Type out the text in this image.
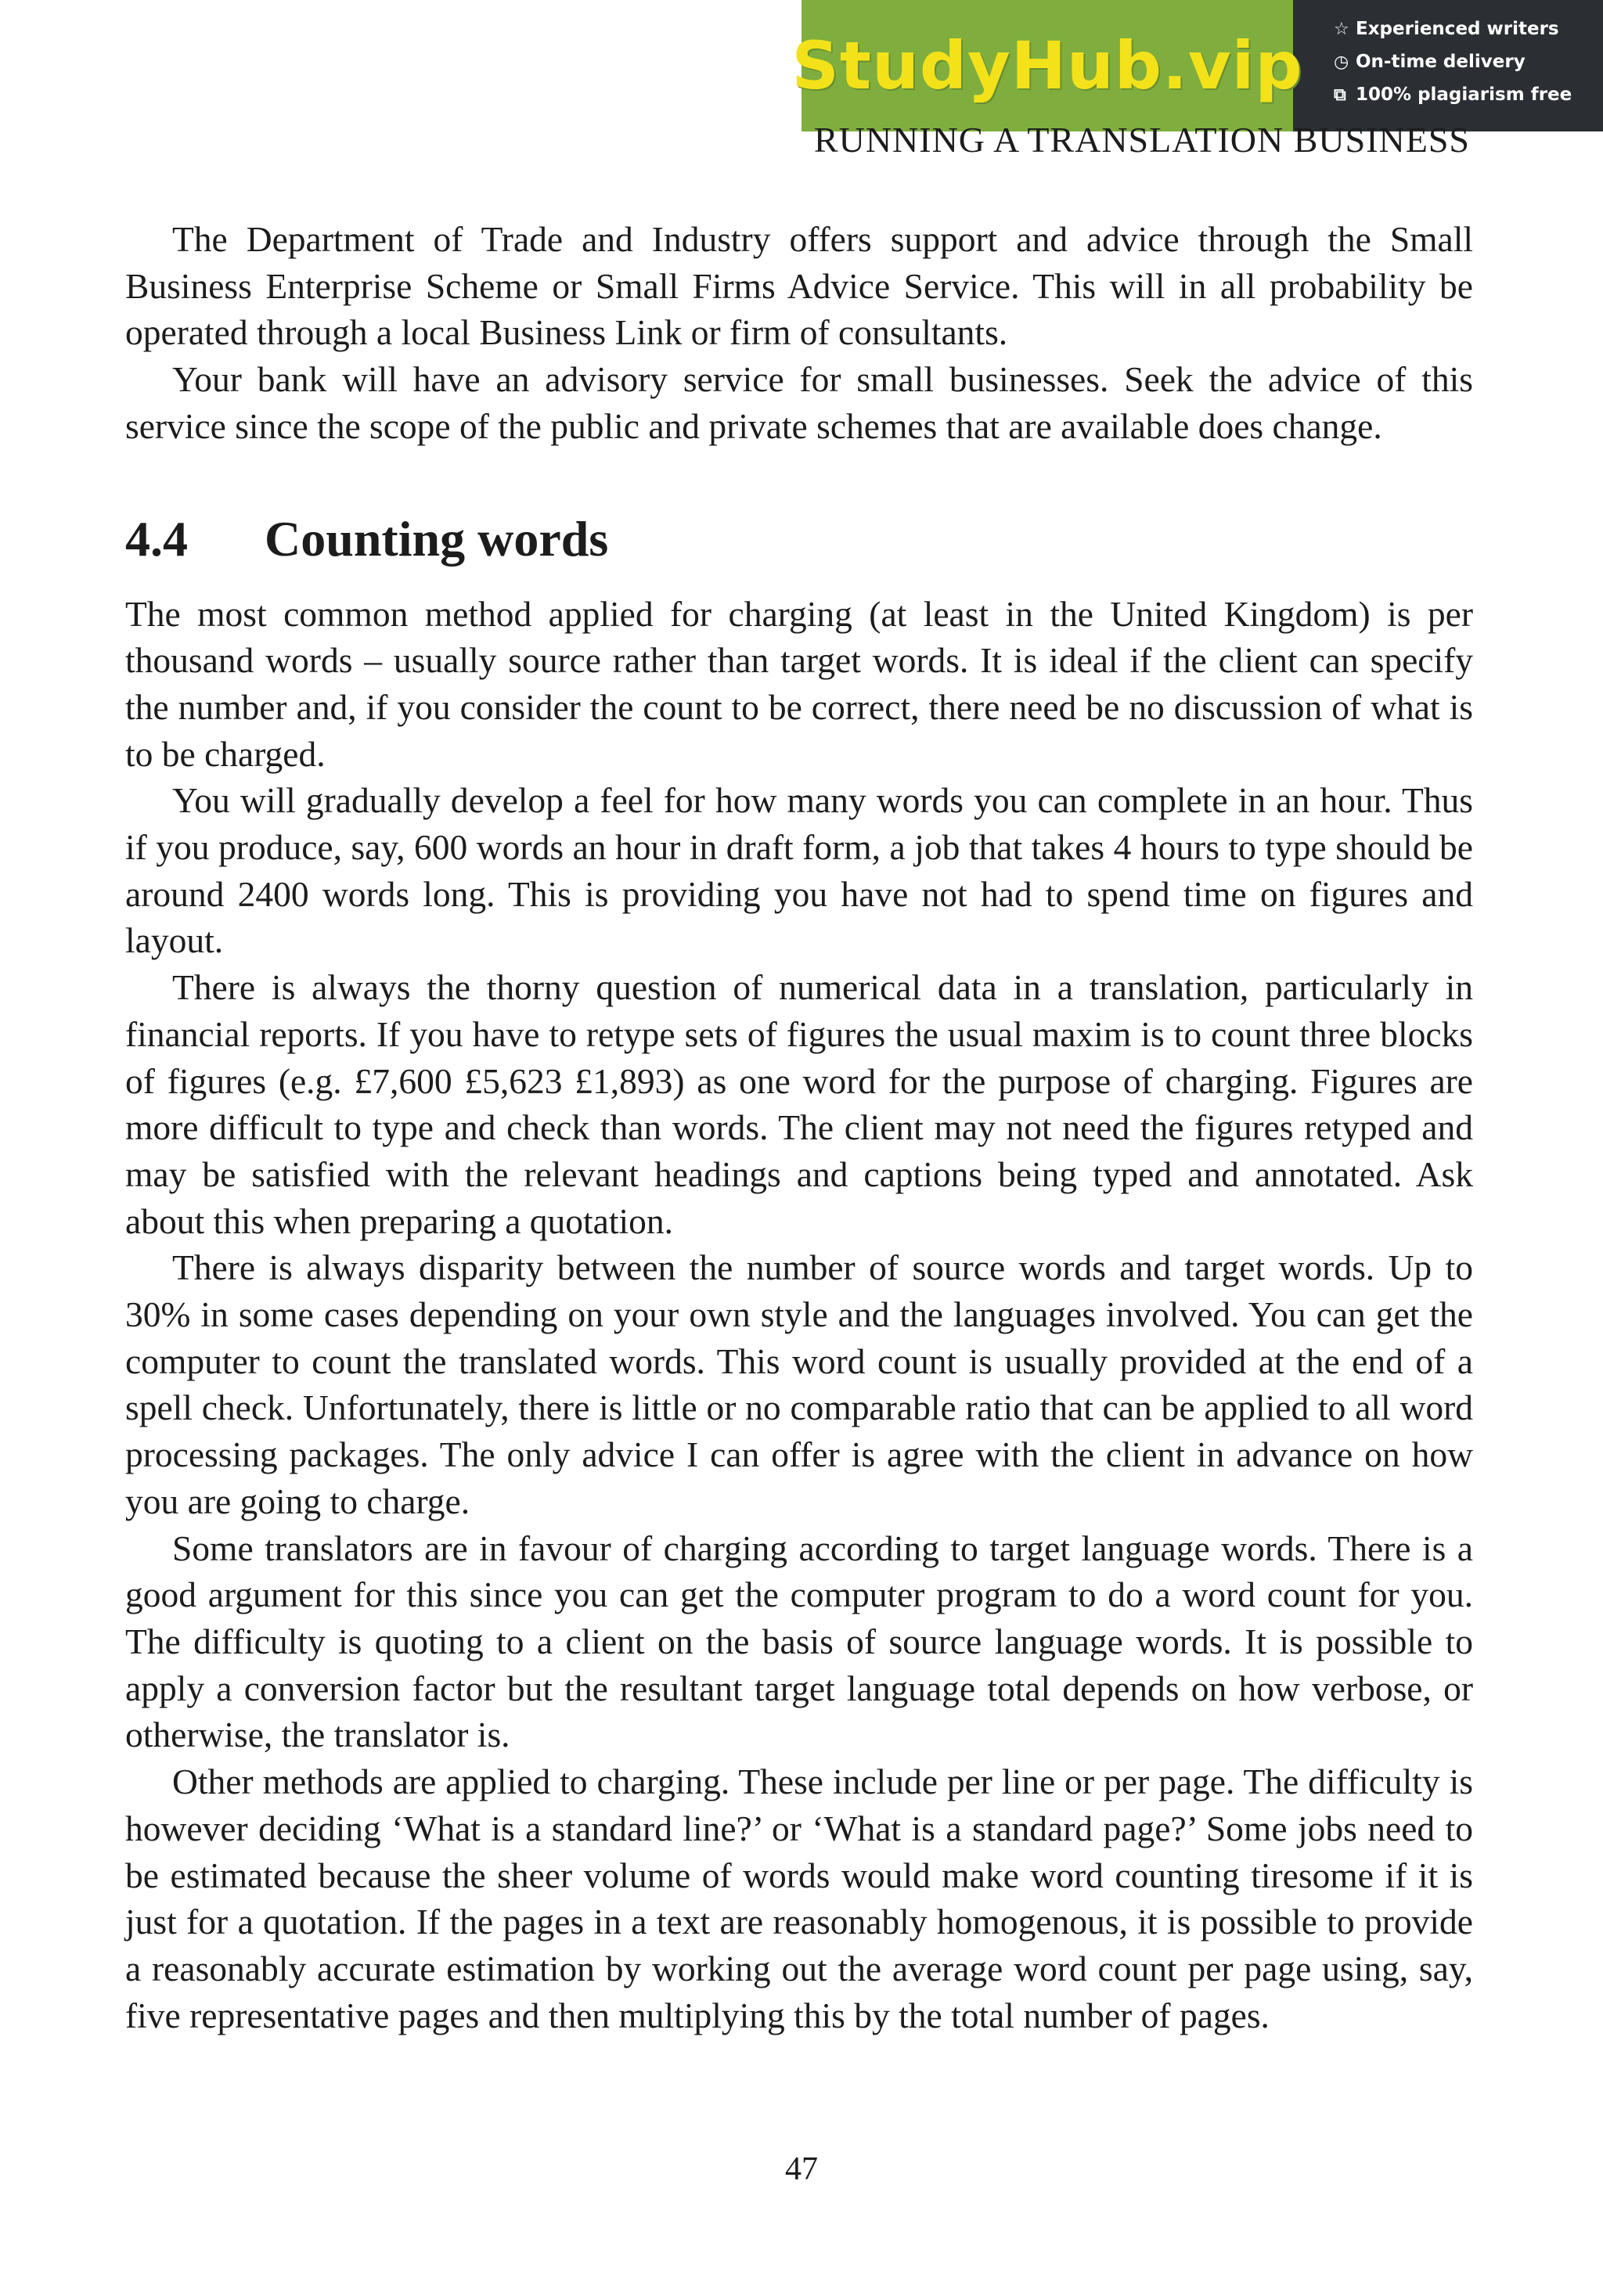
StudyHub.vip ☆ Experienced writers
◷ On-time delivery
⧉ 100% plagiarism free
RUNNING A TRANSLATION BUSINESS

The Department of Trade and Industry offers support and advice through the Small Business Enterprise Scheme or Small Firms Advice Service. This will in all probability be operated through a local Business Link or firm of consultants.

Your bank will have an advisory service for small businesses. Seek the advice of this service since the scope of the public and private schemes that are available does change.

4.4	Counting words

The most common method applied for charging (at least in the United Kingdom) is per thousand words – usually source rather than target words. It is ideal if the client can specify the number and, if you consider the count to be correct, there need be no discussion of what is to be charged.

You will gradually develop a feel for how many words you can complete in an hour. Thus if you produce, say, 600 words an hour in draft form, a job that takes 4 hours to type should be around 2400 words long. This is providing you have not had to spend time on figures and layout.

There is always the thorny question of numerical data in a translation, particularly in financial reports. If you have to retype sets of figures the usual maxim is to count three blocks of figures (e.g. £7,600 £5,623 £1,893) as one word for the purpose of charging. Figures are more difficult to type and check than words. The client may not need the figures retyped and may be satisfied with the relevant headings and captions being typed and annotated. Ask about this when preparing a quotation.

There is always disparity between the number of source words and target words. Up to 30% in some cases depending on your own style and the languages involved. You can get the computer to count the translated words. This word count is usually provided at the end of a spell check. Unfortunately, there is little or no comparable ratio that can be applied to all word processing packages. The only advice I can offer is agree with the client in advance on how you are going to charge.

Some translators are in favour of charging according to target language words. There is a good argument for this since you can get the computer program to do a word count for you. The difficulty is quoting to a client on the basis of source language words. It is possible to apply a conversion factor but the resultant target language total depends on how verbose, or otherwise, the translator is.

Other methods are applied to charging. These include per line or per page. The difficulty is however deciding ‘What is a standard line?’ or ‘What is a standard page?’ Some jobs need to be estimated because the sheer volume of words would make word counting tiresome if it is just for a quotation. If the pages in a text are reasonably homogenous, it is possible to provide a reasonably accurate estimation by working out the average word count per page using, say, five representative pages and then multiplying this by the total number of pages.

47
